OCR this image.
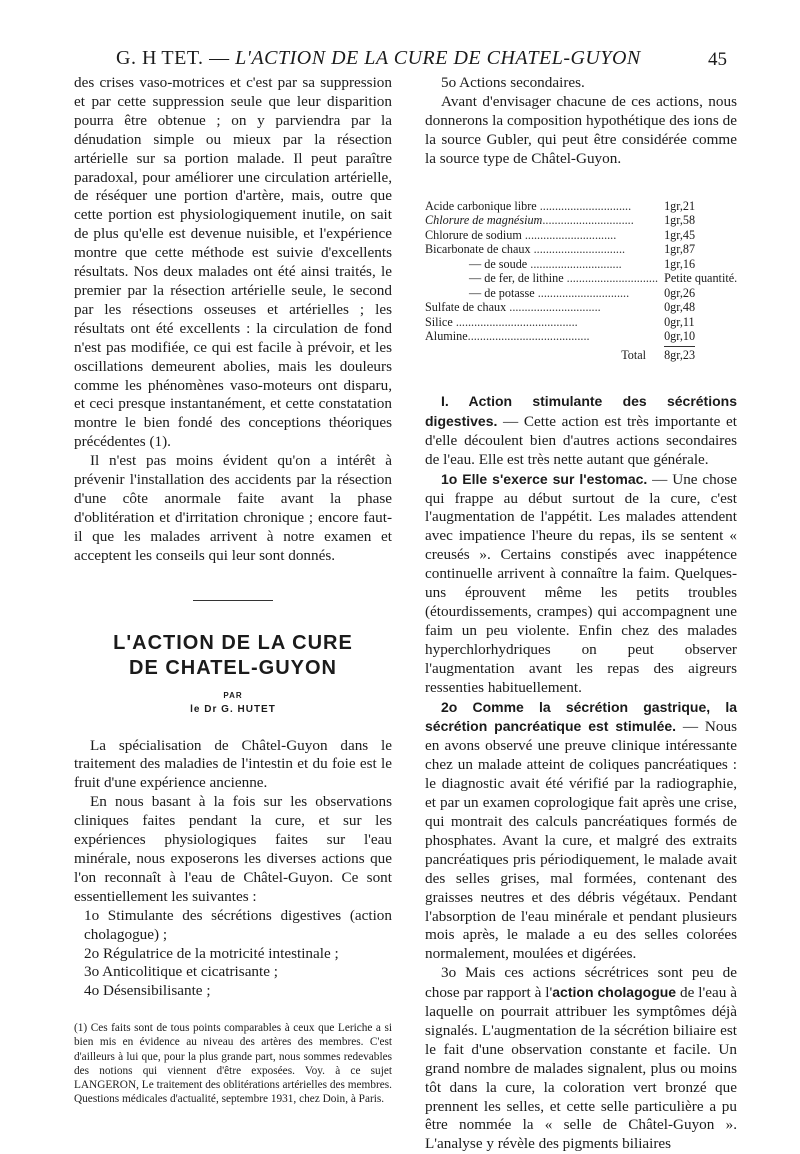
G. H TET. — L'ACTION DE LA CURE DE CHATEL-GUYON	45

des crises vaso-motrices et c'est par sa suppression et par cette suppression seule que leur disparition pourra être obtenue ; on y parviendra par la dénudation simple ou mieux par la résection artérielle sur sa portion malade. Il peut paraître paradoxal, pour améliorer une circulation artérielle, de réséquer une portion d'artère, mais, outre que cette portion est physiologiquement inutile, on sait de plus qu'elle est devenue nuisible, et l'expérience montre que cette méthode est suivie d'excellents résultats. Nos deux malades ont été ainsi traités, le premier par la résection artérielle seule, le second par les résections osseuses et artérielles ; les résultats ont été excellents : la circulation de fond n'est pas modifiée, ce qui est facile à prévoir, et les oscillations demeurent abolies, mais les douleurs comme les phénomènes vaso-moteurs ont disparu, et ceci presque instantanément, et cette constatation montre le bien fondé des conceptions théoriques précédentes (1).

Il n'est pas moins évident qu'on a intérêt à prévenir l'installation des accidents par la résection d'une côte anormale faite avant la phase d'oblitération et d'irritation chronique ; encore faut-il que les malades arrivent à notre examen et acceptent les conseils qui leur sont donnés.

L'ACTION DE LA CURE
DE CHATEL-GUYON
PAR
le Dr G. HUTET

La spécialisation de Châtel-Guyon dans le traitement des maladies de l'intestin et du foie est le fruit d'une expérience ancienne.

En nous basant à la fois sur les observations cliniques faites pendant la cure, et sur les expériences physiologiques faites sur l'eau minérale, nous exposerons les diverses actions que l'on reconnaît à l'eau de Châtel-Guyon. Ce sont essentiellement les suivantes :

1o Stimulante des sécrétions digestives (action cholagogue) ;

2o Régulatrice de la motricité intestinale ;

3o Anticolitique et cicatrisante ;

4o Désensibilisante ;

(1) Ces faits sont de tous points comparables à ceux que Leriche a si bien mis en évidence au niveau des artères des membres. C'est d'ailleurs à lui que, pour la plus grande part, nous sommes redevables des notions qui viennent d'être exposées. Voy. à ce sujet LANGERON, Le traitement des oblitérations artérielles des membres. Questions médicales d'actualité, septembre 1931, chez Doin, à Paris.

5o Actions secondaires.

Avant d'envisager chacune de ces actions, nous donnerons la composition hypothétique des ions de la source Gubler, qui peut être considérée comme la source type de Châtel-Guyon.

Acide carbonique libre ..............................	1gr,21
Chlorure de magnésium..............................	1gr,58
Chlorure de sodium ..............................	1gr,45
Bicarbonate de chaux ..............................	1gr,87
— de soude ..............................	1gr,16
— de fer, de lithine ..............................	Petite quantité.
— de potasse ..............................	0gr,26
Sulfate de chaux ..............................	0gr,48
Silice ........................................	0gr,11
Alumine........................................	0gr,10
Total	8gr,23

I. Action stimulante des sécrétions digestives. — Cette action est très importante et d'elle découlent bien d'autres actions secondaires de l'eau. Elle est très nette autant que générale.

1o Elle s'exerce sur l'estomac. — Une chose qui frappe au début surtout de la cure, c'est l'augmentation de l'appétit. Les malades attendent avec impatience l'heure du repas, ils se sentent « creusés ». Certains constipés avec inappétence continuelle arrivent à connaître la faim. Quelques-uns éprouvent même les petits troubles (étourdissements, crampes) qui accompagnent une faim un peu violente. Enfin chez des malades hyperchlorhydriques on peut observer l'augmentation avant les repas des aigreurs ressenties habituellement.

2o Comme la sécrétion gastrique, la sécrétion pancréatique est stimulée. — Nous en avons observé une preuve clinique intéressante chez un malade atteint de coliques pancréatiques : le diagnostic avait été vérifié par la radiographie, et par un examen coprologique fait après une crise, qui montrait des calculs pancréatiques formés de phosphates. Avant la cure, et malgré des extraits pancréatiques pris périodiquement, le malade avait des selles grises, mal formées, contenant des graisses neutres et des débris végétaux. Pendant l'absorption de l'eau minérale et pendant plusieurs mois après, le malade a eu des selles colorées normalement, moulées et digérées.

3o Mais ces actions sécrétrices sont peu de chose par rapport à l'action cholagogue de l'eau à laquelle on pourrait attribuer les symptômes déjà signalés. L'augmentation de la sécrétion biliaire est le fait d'une observation constante et facile. Un grand nombre de malades signalent, plus ou moins tôt dans la cure, la coloration vert bronzé que prennent les selles, et cette selle particulière a pu être nommée la « selle de Châtel-Guyon ». L'analyse y révèle des pigments biliaires
